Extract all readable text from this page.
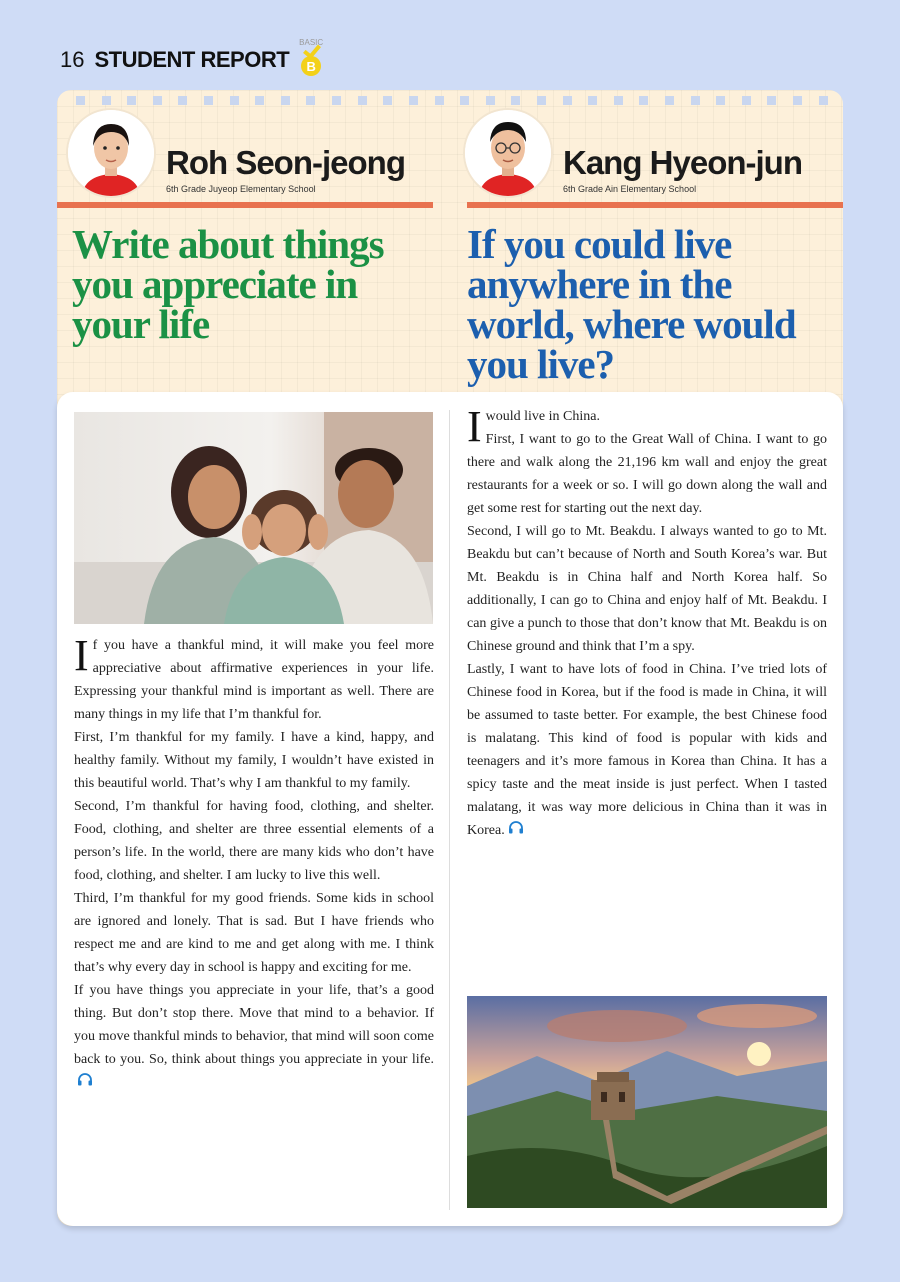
16 STUDENT REPORT
BASIC
B
Roh Seon-jeong
6th Grade Juyeop Elementary School
Kang Hyeon-jun
6th Grade Ain Elementary School
Write about things you appreciate in your life
If you could live anywhere in the world, where would you live?
I f you have a thankful mind, it will make you feel more appreciative about affirmative experiences in your life. Expressing your thankful mind is important as well. There are many things in my life that I’m thankful for.

First, I’m thankful for my family. I have a kind, happy, and healthy family. Without my family, I wouldn’t have existed in this beautiful world. That’s why I am thankful to my family.

Second, I’m thankful for having food, clothing, and shelter. Food, clothing, and shelter are three essential elements of a person’s life. In the world, there are many kids who don’t have food, clothing, and shelter. I am lucky to live this well.

Third, I’m thankful for my good friends. Some kids in school are ignored and lonely. That is sad. But I have friends who respect me and are kind to me and get along with me. I think that’s why every day in school is happy and exciting for me.

If you have things you appreciate in your life, that’s a good thing. But don’t stop there. Move that mind to a behavior. If you move thankful minds to behavior, that mind will soon come back to you. So, think about things you appreciate in your life.

I would live in China.

First, I want to go to the Great Wall of China. I want to go there and walk along the 21,196 km wall and enjoy the great restaurants for a week or so. I will go down along the wall and get some rest for starting out the next day.

Second, I will go to Mt. Beakdu. I always wanted to go to Mt. Beakdu but can’t because of North and South Korea’s war. But Mt. Beakdu is in China half and North Korea half. So additionally, I can go to China and enjoy half of Mt. Beakdu. I can give a punch to those that don’t know that Mt. Beakdu is on Chinese ground and think that I’m a spy.

Lastly, I want to have lots of food in China. I’ve tried lots of Chinese food in Korea, but if the food is made in China, it will be assumed to taste better. For example, the best Chinese food is malatang. This kind of food is popular with kids and teenagers and it’s more famous in Korea than China. It has a spicy taste and the meat inside is just perfect. When I tasted malatang, it was way more delicious in China than it was in Korea.
